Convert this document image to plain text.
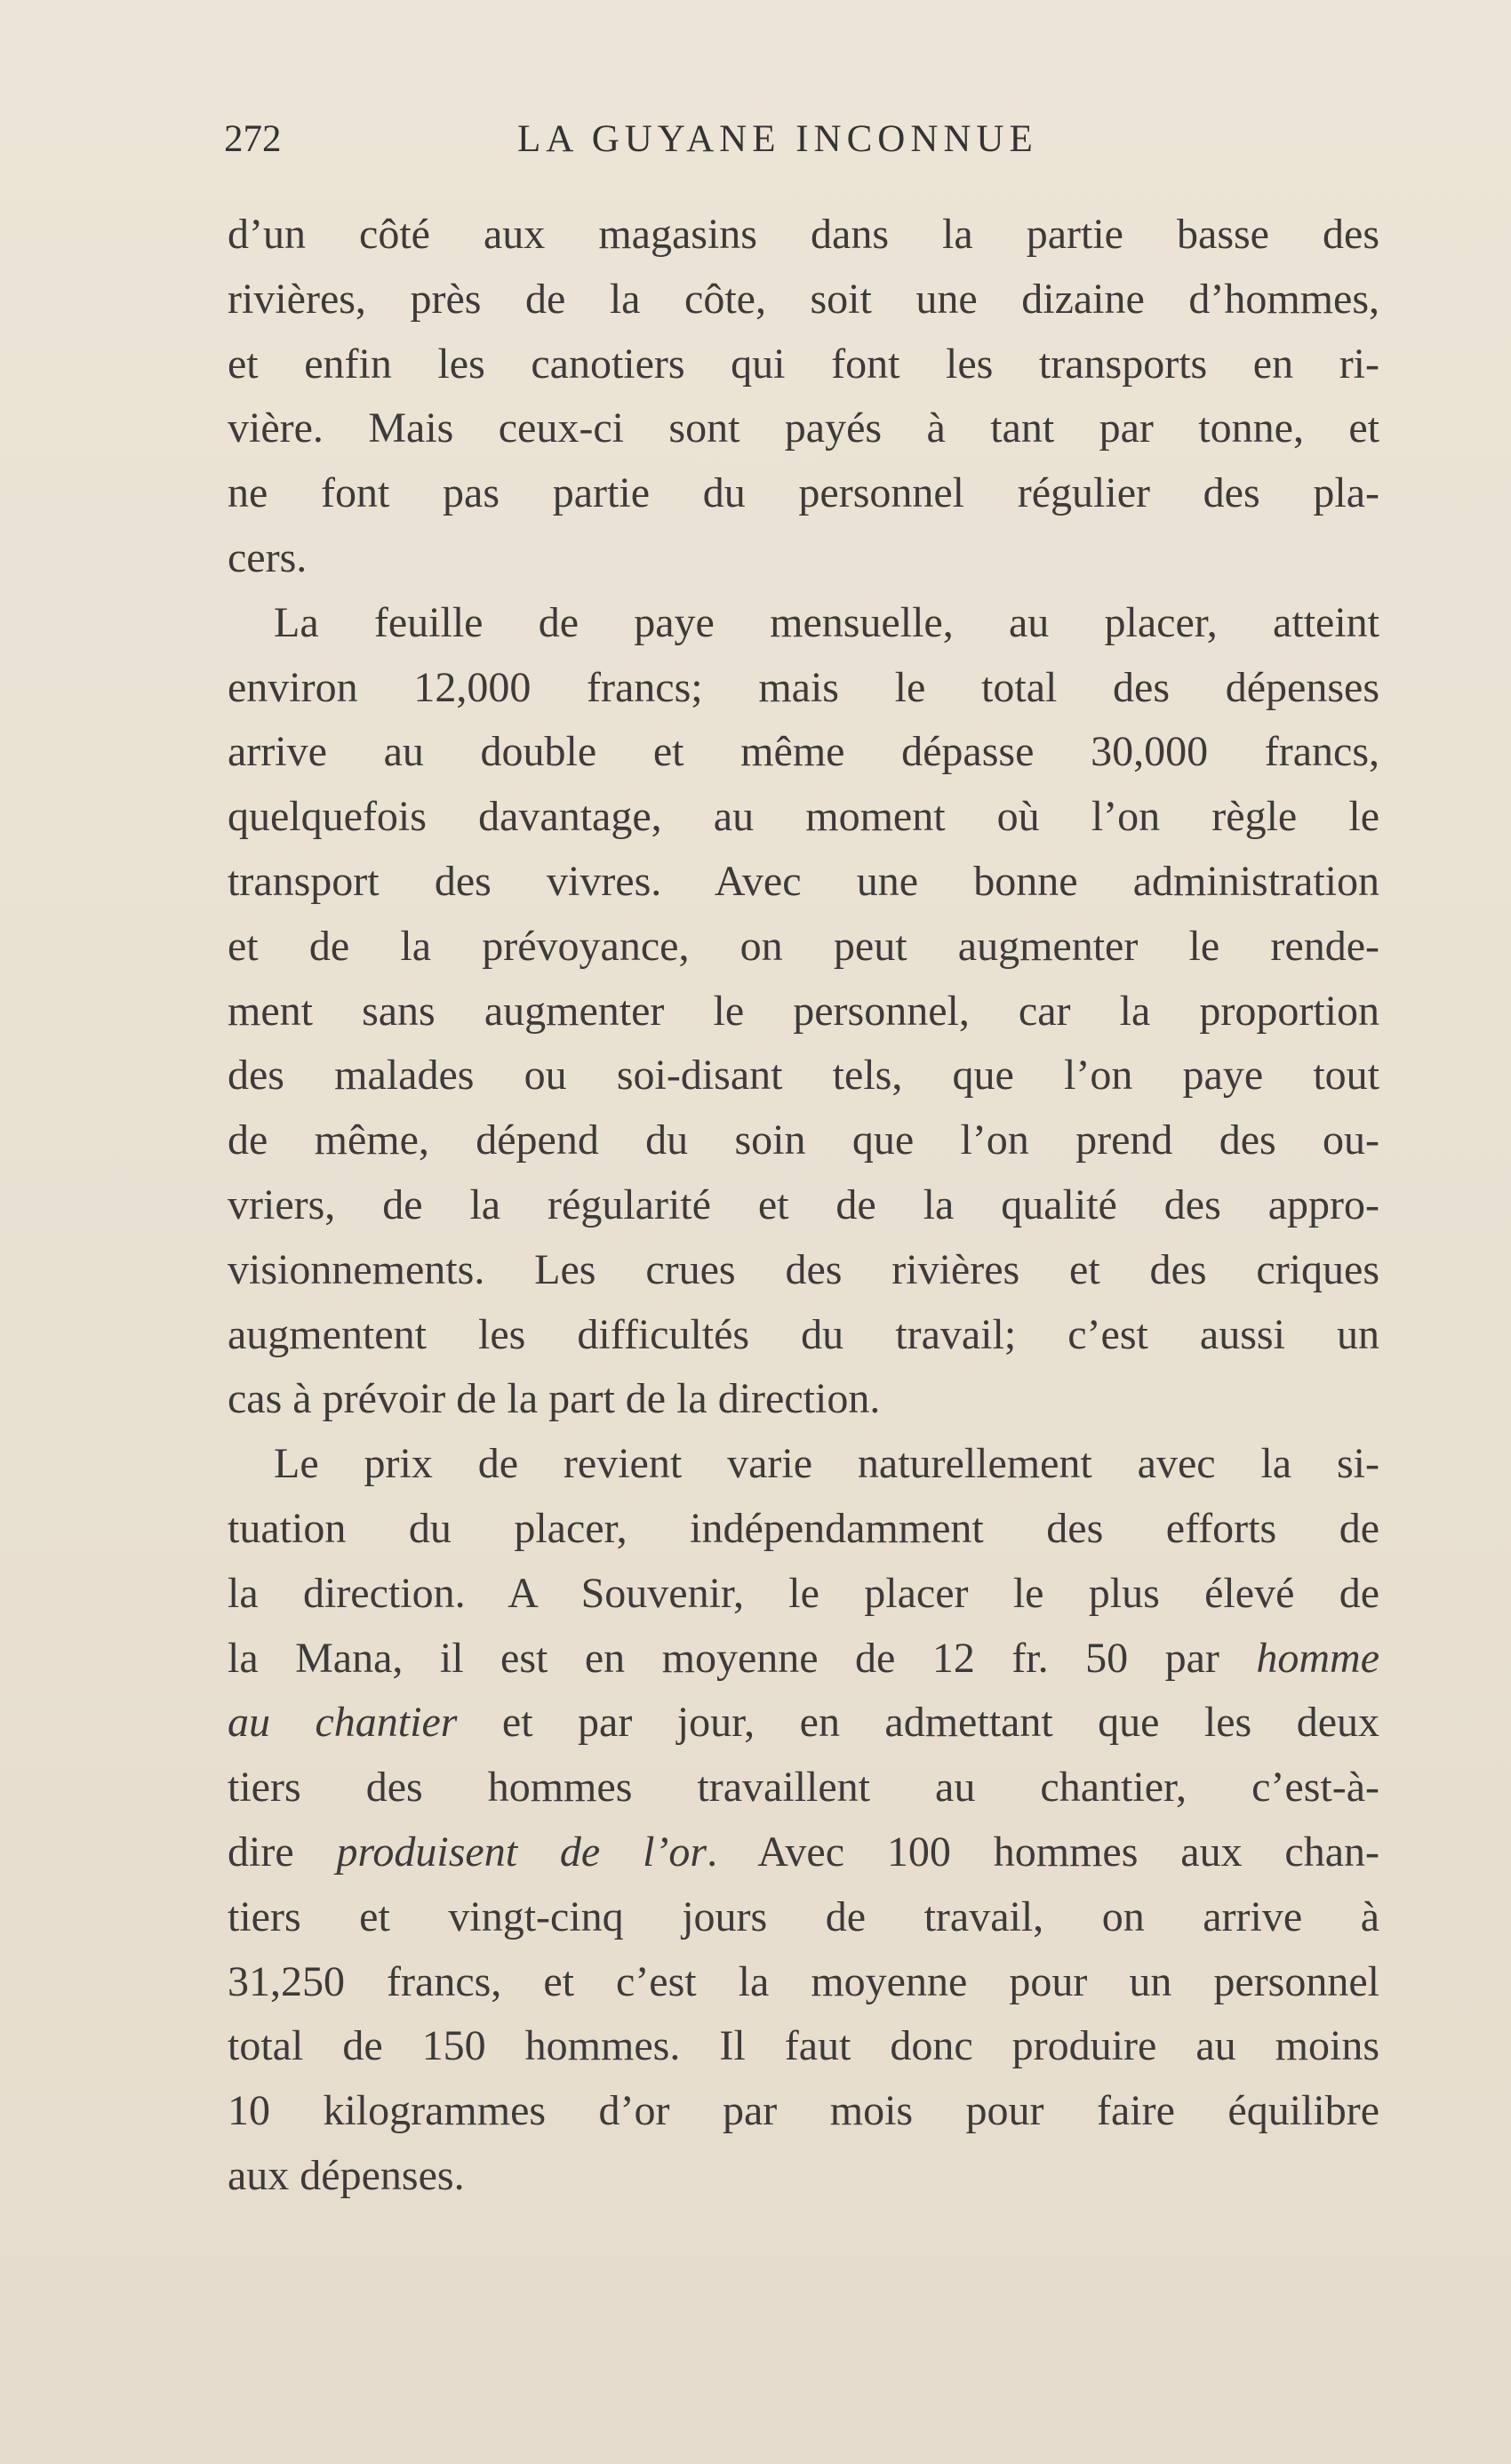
272	LA GUYANE INCONNUE
d’un côté aux magasins dans la partie basse des
rivières, près de la côte, soit une dizaine d’hommes,
et enfin les canotiers qui font les transports en ri-
vière. Mais ceux-ci sont payés à tant par tonne, et
ne font pas partie du personnel régulier des pla-
cers.
La feuille de paye mensuelle, au placer, atteint
environ 12,000 francs; mais le total des dépenses
arrive au double et même dépasse 30,000 francs,
quelquefois davantage, au moment où l’on règle le
transport des vivres. Avec une bonne administration
et de la prévoyance, on peut augmenter le rende-
ment sans augmenter le personnel, car la proportion
des malades ou soi-disant tels, que l’on paye tout
de même, dépend du soin que l’on prend des ou-
vriers, de la régularité et de la qualité des appro-
visionnements. Les crues des rivières et des criques
augmentent les difficultés du travail; c’est aussi un
cas à prévoir de la part de la direction.
Le prix de revient varie naturellement avec la si-
tuation du placer, indépendamment des efforts de
la direction. A Souvenir, le placer le plus élevé de
la Mana, il est en moyenne de 12 fr. 50 par homme
au chantier et par jour, en admettant que les deux
tiers des hommes travaillent au chantier, c’est-à-
dire produisent de l’or. Avec 100 hommes aux chan-
tiers et vingt-cinq jours de travail, on arrive à
31,250 francs, et c’est la moyenne pour un personnel
total de 150 hommes. Il faut donc produire au moins
10 kilogrammes d’or par mois pour faire équilibre
aux dépenses.
